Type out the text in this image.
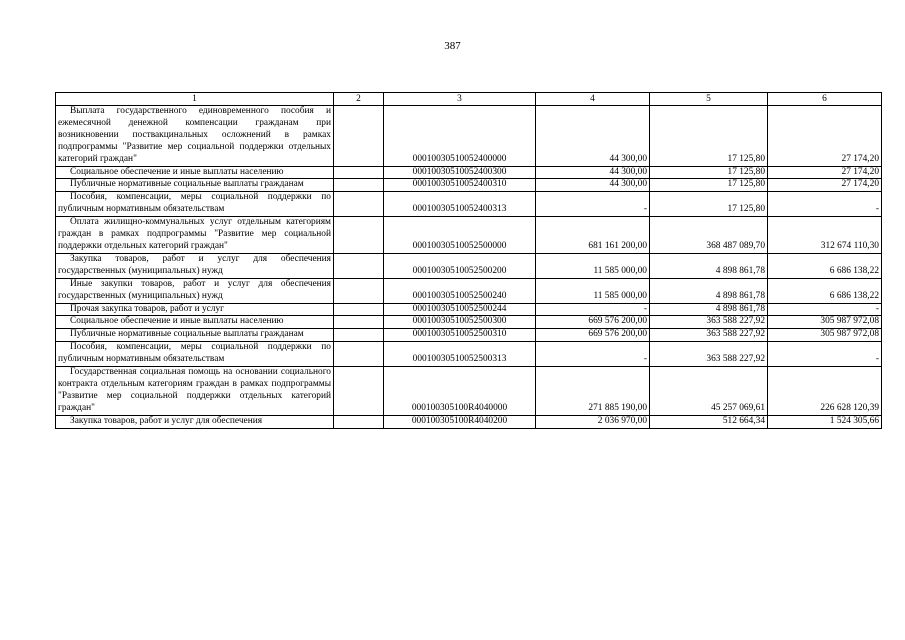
387
1	2	3	4	5	6

Выплата государственного единовременного пособия и ежемесячной денежной компенсации гражданам при возникновении поствакцинальных осложнений в рамках подпрограммы "Развитие мер социальной поддержки отдельных категорий граждан"		00010030510052400000	44 300,00	17 125,80	27 174,20

Социальное обеспечение и иные выплаты населению		00010030510052400300	44 300,00	17 125,80	27 174,20

Публичные нормативные социальные выплаты гражданам		00010030510052400310	44 300,00	17 125,80	27 174,20

Пособия, компенсации, меры социальной поддержки по публичным нормативным обязательствам		00010030510052400313	-	17 125,80	-

Оплата жилищно-коммунальных услуг отдельным категориям граждан в рамках подпрограммы "Развитие мер социальной поддержки отдельных категорий граждан"		00010030510052500000	681 161 200,00	368 487 089,70	312 674 110,30

Закупка товаров, работ и услуг для обеспечения государственных (муниципальных) нужд		00010030510052500200	11 585 000,00	4 898 861,78	6 686 138,22

Иные закупки товаров, работ и услуг для обеспечения государственных (муниципальных) нужд		00010030510052500240	11 585 000,00	4 898 861,78	6 686 138,22

Прочая закупка товаров, работ и услуг		00010030510052500244	-	4 898 861,78	-

Социальное обеспечение и иные выплаты населению		00010030510052500300	669 576 200,00	363 588 227,92	305 987 972,08

Публичные нормативные социальные выплаты гражданам		00010030510052500310	669 576 200,00	363 588 227,92	305 987 972,08

Пособия, компенсации, меры социальной поддержки по публичным нормативным обязательствам		00010030510052500313	-	363 588 227,92	-

Государственная социальная помощь на основании социального контракта отдельным категориям граждан в рамках подпрограммы "Развитие мер социальной поддержки отдельных категорий граждан"		000100305100R4040000	271 885 190,00	45 257 069,61	226 628 120,39

Закупка товаров, работ и услуг для обеспечения		000100305100R4040200	2 036 970,00	512 664,34	1 524 305,66
